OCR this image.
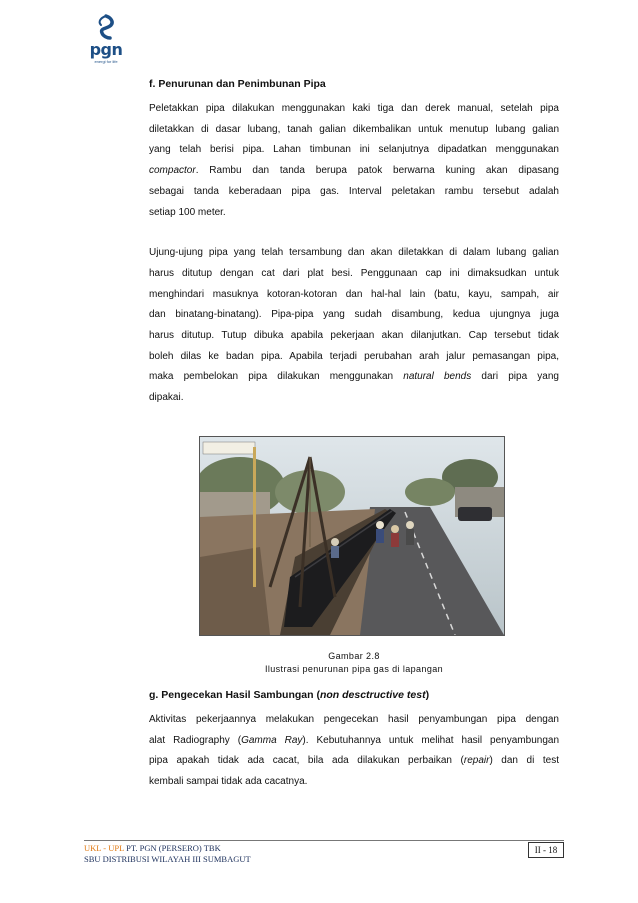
pgn
energi for life

f. Penurunan dan Penimbunan Pipa

Peletakkan pipa dilakukan menggunakan kaki tiga dan derek manual, setelah pipa
diletakkan di dasar lubang, tanah galian dikembalikan untuk menutup lubang galian
yang telah berisi pipa. Lahan timbunan ini selanjutnya dipadatkan menggunakan
compactor. Rambu dan tanda berupa patok berwarna kuning akan dipasang
sebagai tanda keberadaan pipa gas. Interval peletakan rambu tersebut adalah
setiap 100 meter.
Ujung-ujung pipa yang telah tersambung dan akan diletakkan di dalam lubang galian
harus ditutup dengan cat dari plat besi. Penggunaan cap ini dimaksudkan untuk
menghindari masuknya kotoran-kotoran dan hal-hal lain (batu, kayu, sampah, air
dan binatang-binatang). Pipa-pipa yang sudah disambung, kedua ujungnya juga
harus ditutup. Tutup dibuka apabila pekerjaan akan dilanjutkan. Cap tersebut tidak
boleh dilas ke badan pipa. Apabila terjadi perubahan arah jalur pemasangan pipa,
maka pembelokan pipa dilakukan menggunakan natural bends dari pipa yang
dipakai.
Gambar 2.8
Ilustrasi penurunan pipa gas di lapangan

g. Pengecekan Hasil Sambungan (non desctructive test)

Aktivitas pekerjaannya melakukan pengecekan hasil penyambungan pipa dengan
alat Radiography (Gamma Ray). Kebutuhannya untuk melihat hasil penyambungan
pipa apakah tidak ada cacat, bila ada dilakukan perbaikan (repair) dan di test
kembali sampai tidak ada cacatnya.
UKL - UPL PT. PGN (PERSERO) TBK
SBU DISTRIBUSI WILAYAH III SUMBAGUT
II - 18
